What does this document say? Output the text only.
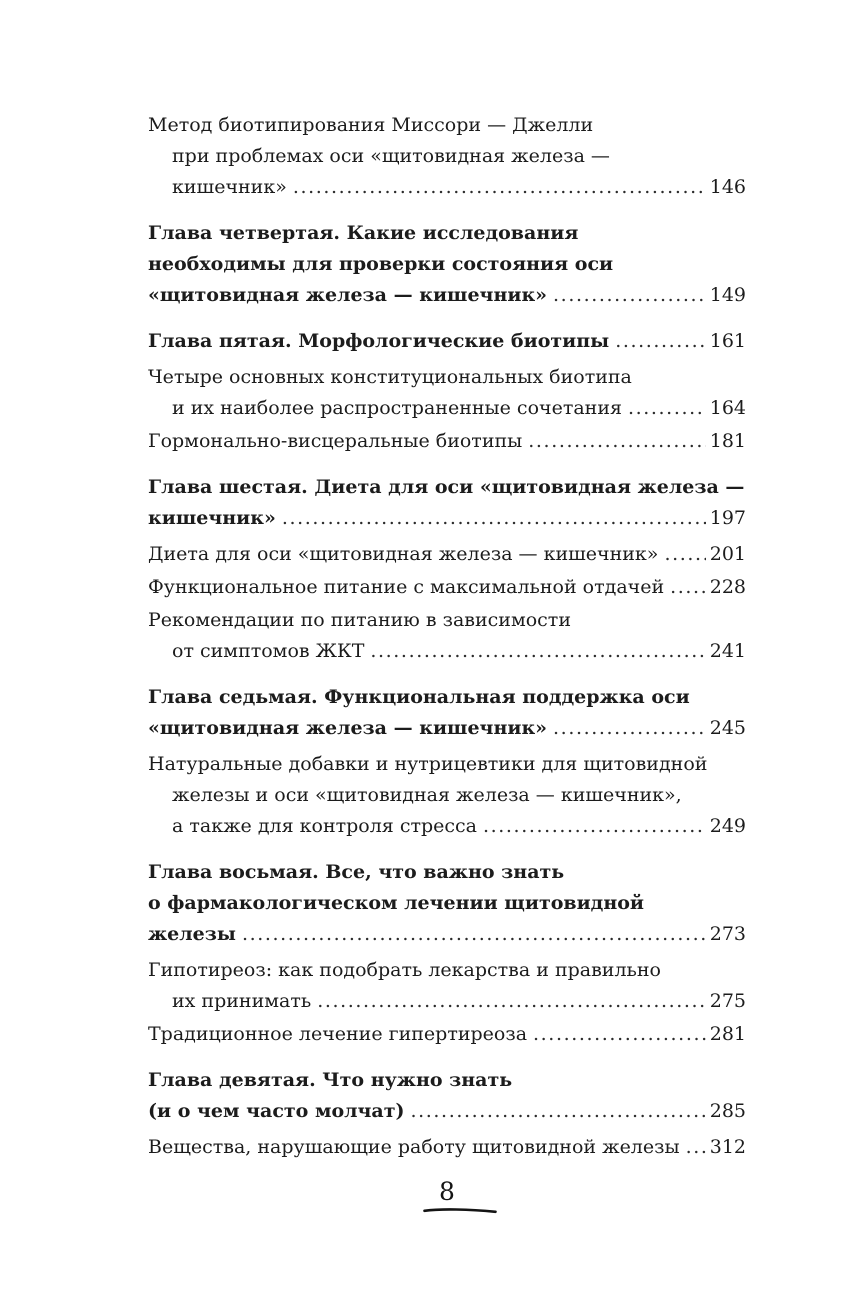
Метод биотипирования Миссори — Джелли
при проблемах оси «щитовидная железа —
кишечник» .....	146
Глава четвертая. Какие исследования
необходимы для проверки состояния оси
«щитовидная железа — кишечник» .....	149
Глава пятая. Морфологические биотипы .....	161
Четыре основных конституциональных биотипа
и их наиболее распространенные сочетания .....	164
Гормонально-висцеральные биотипы .....	181
Глава шестая. Диета для оси «щитовидная железа —
кишечник» .....	197
Диета для оси «щитовидная железа — кишечник» .....	201
Функциональное питание с максимальной отдачей ..... 228
Рекомендации по питанию в зависимости
от симптомов ЖКТ .....	241
Глава седьмая. Функциональная поддержка оси
«щитовидная железа — кишечник» .....	245
Натуральные добавки и нутрицевтики для щитовидной
железы и оси «щитовидная железа — кишечник»,
а также для контроля стресса .....	249
Глава восьмая. Все, что важно знать
о фармакологическом лечении щитовидной
железы .....	273
Гипотиреоз: как подобрать лекарства и правильно
их принимать .....	275
Традиционное лечение гипертиреоза .....	281
Глава девятая. Что нужно знать
(и о чем часто молчат) .....	285
Вещества, нарушающие работу щитовидной железы ..... 312
8
